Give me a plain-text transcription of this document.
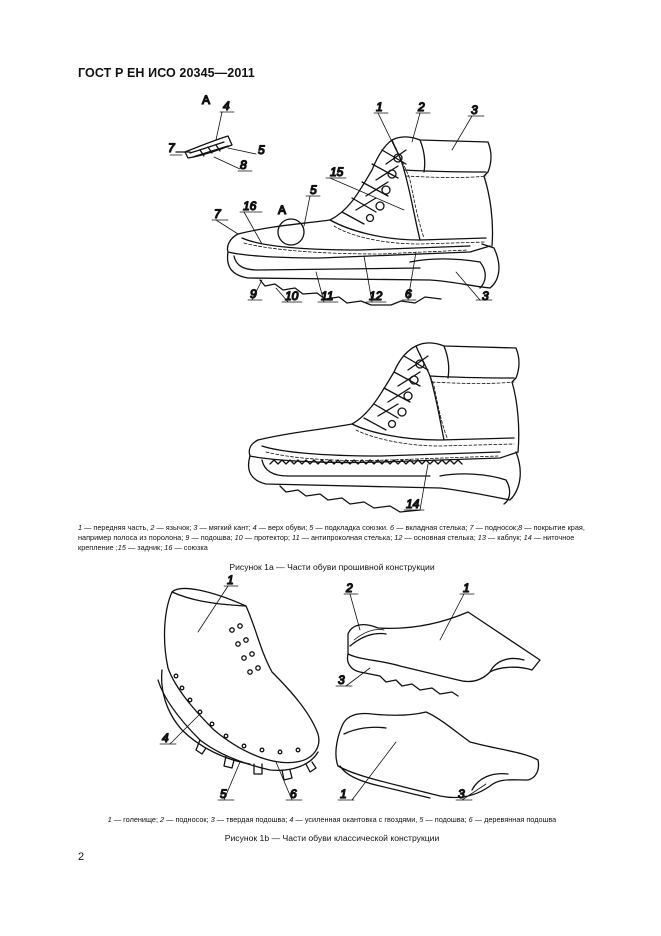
ГОСТ Р ЕН ИСО 20345—2011
A 4
7	5
8
1	2	3
15
16 A
5
7
9 10 11	12 6	3
14
1
4
5	6
2	1
3
1	3
1 — передняя часть, 2 — язычок; 3 — мягкий кант; 4 — верх обуви; 5 — подкладка союзки. 6 — вкладная стелька; 7 — подносок;8 — покрытие края, например полоса из поролона; 9 — подошва; 10 — протектор; 11 — антипроколная стелька; 12 — основная стелька; 13 — каблук; 14 — ниточное крепление ;15 — задник; 16 — союзка
Рисунок 1a — Части обуви прошивной конструкции
1 — голенище; 2 — подносок; 3 — твердая подошва; 4 — усиленная окантовка с гвоздями, 5 — подошва; 6 — деревянная подошва
Рисунок 1b — Части обуви классической конструкции
2
